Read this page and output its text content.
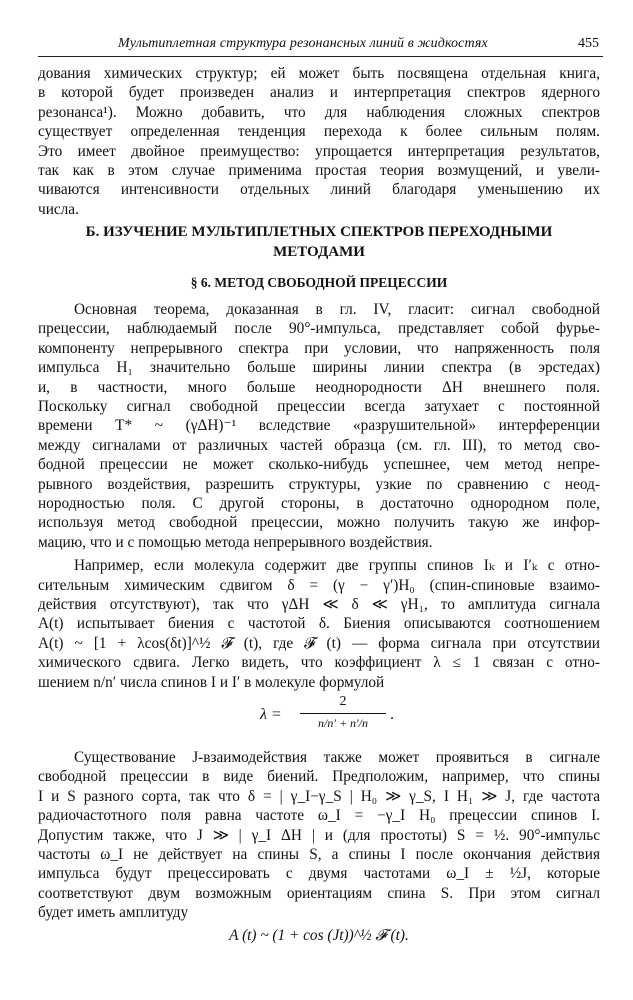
Мультиплетная структура резонансных линий в жидкостях	455

дования химических структур; ей может быть посвящена отдельная книга,

в которой будет произведен анализ и интерпретация спектров ядерного

резонанса¹). Можно добавить, что для наблюдения сложных спектров

существует определенная тенденция перехода к более сильным полям.

Это имеет двойное преимущество: упрощается интерпретация результатов,

так как в этом случае применима простая теория возмущений, и увели-

чиваются интенсивности отдельных линий благодаря уменьшению их

числа.

Б. ИЗУЧЕНИЕ МУЛЬТИПЛЕТНЫХ СПЕКТРОВ ПЕРЕХОДНЫМИ

МЕТОДАМИ

§ 6. МЕТОД СВОБОДНОЙ ПРЕЦЕССИИ

Основная теорема, доказанная в гл. IV, гласит: сигнал свободной

прецессии, наблюдаемый после 90°-импульса, представляет собой фурье-

компоненту непрерывного спектра при условии, что напряженность поля

импульса H₁ значительно больше ширины линии спектра (в эрстедах)

и, в частности, много больше неоднородности ΔH внешнего поля.

Поскольку сигнал свободной прецессии всегда затухает с постоянной

времени T* ~ (γΔH)⁻¹ вследствие «разрушительной» интерференции

между сигналами от различных частей образца (см. гл. III), то метод сво-

бодной прецессии не может сколько-нибудь успешнее, чем метод непре-

рывного воздействия, разрешить структуры, узкие по сравнению с неод-

нородностью поля. С другой стороны, в достаточно однородном поле,

используя метод свободной прецессии, можно получить такую же инфор-

мацию, что и с помощью метода непрерывного воздействия.

Например, если молекула содержит две группы спинов Iₖ и I′ₖ с отно-

сительным химическим сдвигом δ = (γ − γ′)H₀ (спин-спиновые взаимо-

действия отсутствуют), так что γΔH ≪ δ ≪ γH₁, то амплитуда сигнала

A(t) испытывает биения с частотой δ. Биения описываются соотношением

A(t) ~ [1 + λcos(δt)]^½ 𝓕 (t), где 𝓕 (t) — форма сигнала при отсутствии

химического сдвига. Легко видеть, что коэффициент λ ≤ 1 связан с отно-

шением n/n′ числа спинов I и I′ в молекуле формулой

λ =
2
n/n′ + n′/n	.

Существование J-взаимодействия также может проявиться в сигнале

свободной прецессии в виде биений. Предположим, например, что спины

I и S разного сорта, так что δ = | γ_I−γ_S | H₀ ≫ γ_S, I H₁ ≫ J, где частота

радиочастотного поля равна частоте ω_I = −γ_I H₀ прецессии спинов I.

Допустим также, что J ≫ | γ_I ΔH | и (для простоты) S = ½. 90°-импульс

частоты ω_I не действует на спины S, а спины I после окончания действия

импульса будут прецессировать с двумя частотами ω_I ± ½J, которые

соответствуют двум возможным ориентациям спина S. При этом сигнал

будет иметь амплитуду

A (t) ~ (1 + cos (Jt))^½ 𝓕 (t).
